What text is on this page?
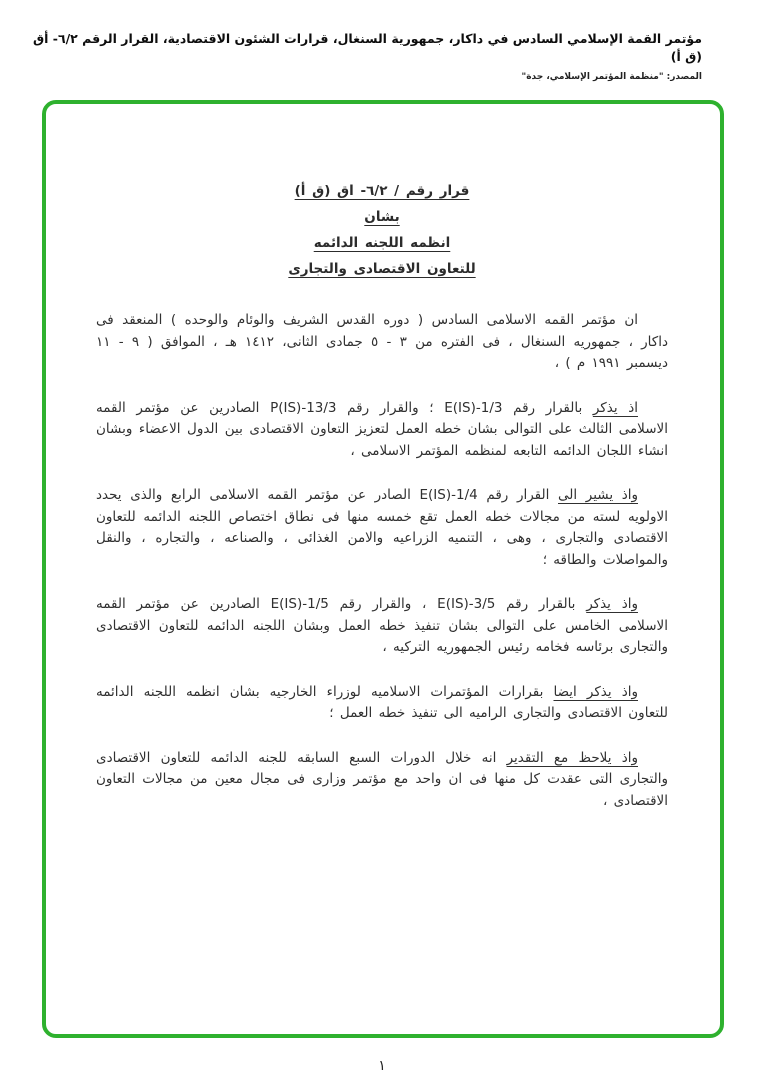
مؤتمر القمة الإسلامي السادس في داكار، جمهورية السنغال، قرارات الشئون الاقتصادية، القرار الرقم ٦/٢- أق (ق أ)
المصدر: "منظمة المؤتمر الإسلامي، جدة"
قرار رقم / ٦/٢- اق (ق أ)
بشان
انظمه اللجنه الدائمه
للتعاون الاقتصادى والتجارى

ان مؤتمر القمه الاسلامى السادس ( دوره القدس الشريف والوئام والوحده ) المنعقد فى داكار ، جمهوريه السنغال ، فى الفتره من ٣ - ٥ جمادى الثانى، ١٤١٢ هـ ، الموافق ( ٩ - ١١ ديسمبر ١٩٩١ م ) ،

اذ يذكر بالقرار رقم 1/3-E(IS) ؛ والقرار رقم 13/3-P(IS) الصادرين عن مؤتمر القمه الاسلامى الثالث على التوالى بشان خطه العمل لتعزيز التعاون الاقتصادى بين الدول الاعضاء وبشان انشاء اللجان الدائمه التابعه لمنظمه المؤتمر الاسلامى ،

واذ يشير الى القرار رقم 1/4-E(IS) الصادر عن مؤتمر القمه الاسلامى الرابع والذى يحدد الاولويه لسته من مجالات خطه العمل تقع خمسه منها فى نطاق اختصاص اللجنه الدائمه للتعاون الاقتصادى والتجارى ، وهى ، التنميه الزراعيه والامن الغذائى ، والصناعه ، والتجاره ، والنقل والمواصلات والطاقه ؛

واذ يذكر بالقرار رقم 3/5-E(IS) ، والقرار رقم 1/5-E(IS) الصادرين عن مؤتمر القمه الاسلامى الخامس على التوالى بشان تنفيذ خطه العمل وبشان اللجنه الدائمه للتعاون الاقتصادى والتجارى برئاسه فخامه رئيس الجمهوريه التركيه ،

واذ يذكر ايضا بقرارات المؤتمرات الاسلاميه لوزراء الخارجيه بشان انظمه اللجنه الدائمه للتعاون الاقتصادى والتجارى الراميه الى تنفيذ خطه العمل ؛

واذ يلاحظ مع التقدير انه خلال الدورات السبع السابقه للجنه الدائمه للتعاون الاقتصادى والتجارى التى عقدت كل منها فى ان واحد مع مؤتمر وزارى فى مجال معين من مجالات التعاون الاقتصادى ،

١
